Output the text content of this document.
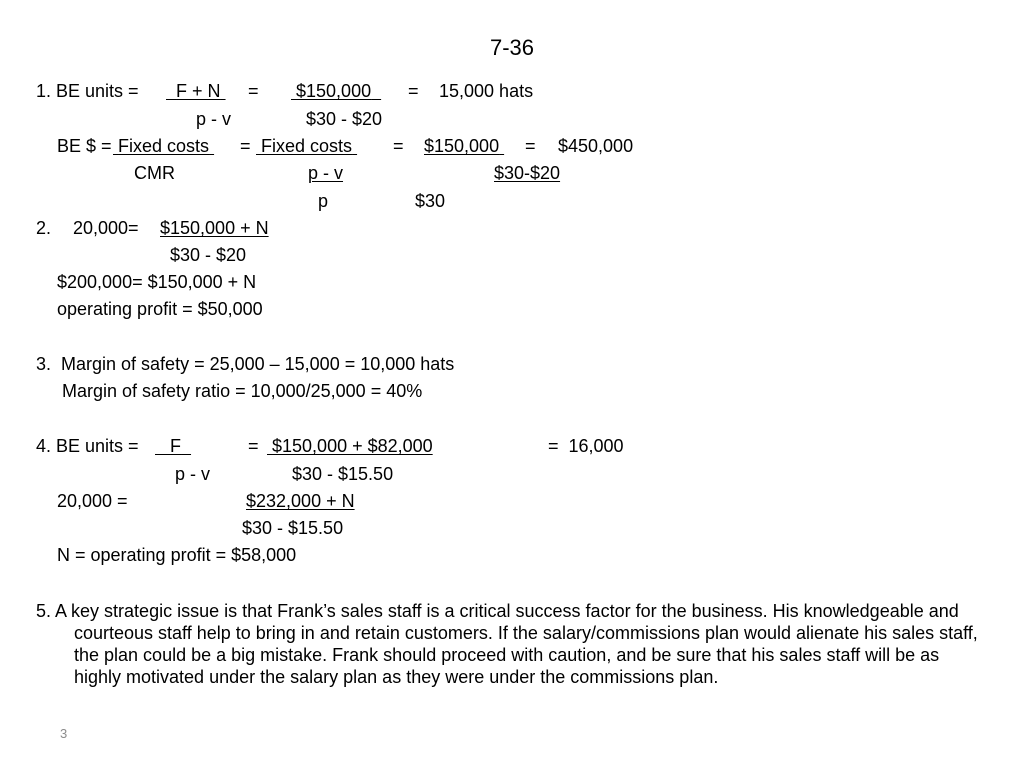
7-36
1. BE units =	F + N = $150,000	= 15,000 hats
p - v	$30 - $20
BE $ = Fixed costs = Fixed costs = $150,000 = $450,000
CMR	p - v	$30-$20
p	$30
2. 20,000= $150,000 + N
$30 - $20
$200,000= $150,000 + N
operating profit = $50,000
3.  Margin of safety = 25,000 – 15,000 = 10,000 hats
Margin of safety ratio = 10,000/25,000 = 40%
4. BE units =	F	= $150,000 + $82,000	=  16,000
p - v	$30 - $15.50
20,000 =	$232,000 + N
$30 - $15.50
N = operating profit = $58,000
5. A key strategic issue is that Frank’s sales staff is a critical success factor for the business. His knowledgeable and courteous staff help to bring in and retain customers. If the salary/commissions plan would alienate his sales staff, the plan could be a big mistake. Frank should proceed with caution, and be sure that his sales staff will be as highly motivated under the salary plan as they were under the commissions plan.
3
